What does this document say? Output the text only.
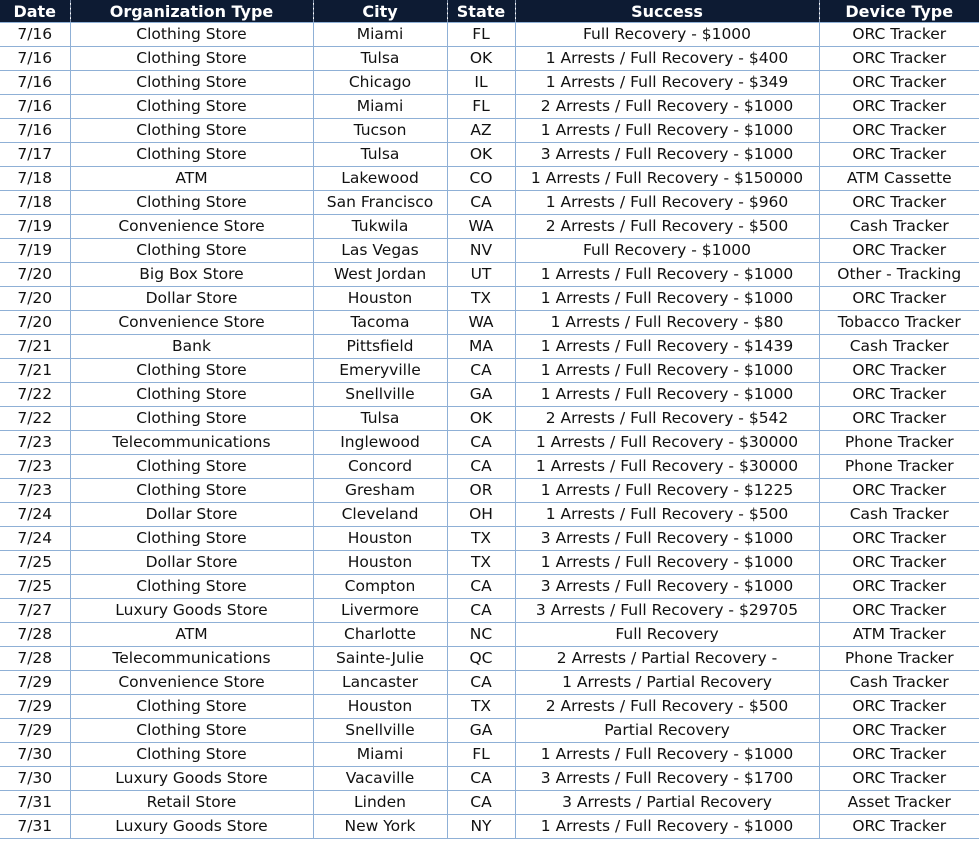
Date	Organization Type	City	State	Success	Device Type
7/16	Clothing Store	Miami	FL	Full Recovery - $1000	ORC Tracker
7/16	Clothing Store	Tulsa	OK	1 Arrests / Full Recovery - $400	ORC Tracker
7/16	Clothing Store	Chicago	IL	1 Arrests / Full Recovery - $349	ORC Tracker
7/16	Clothing Store	Miami	FL	2 Arrests / Full Recovery - $1000	ORC Tracker
7/16	Clothing Store	Tucson	AZ	1 Arrests / Full Recovery - $1000	ORC Tracker
7/17	Clothing Store	Tulsa	OK	3 Arrests / Full Recovery - $1000	ORC Tracker
7/18	ATM	Lakewood	CO	1 Arrests / Full Recovery - $150000	ATM Cassette
7/18	Clothing Store	San Francisco	CA	1 Arrests / Full Recovery - $960	ORC Tracker
7/19	Convenience Store	Tukwila	WA	2 Arrests / Full Recovery - $500	Cash Tracker
7/19	Clothing Store	Las Vegas	NV	Full Recovery - $1000	ORC Tracker
7/20	Big Box Store	West Jordan	UT	1 Arrests / Full Recovery - $1000	Other - Tracking
7/20	Dollar Store	Houston	TX	1 Arrests / Full Recovery - $1000	ORC Tracker
7/20	Convenience Store	Tacoma	WA	1 Arrests / Full Recovery - $80	Tobacco Tracker
7/21	Bank	Pittsfield	MA	1 Arrests / Full Recovery - $1439	Cash Tracker
7/21	Clothing Store	Emeryville	CA	1 Arrests / Full Recovery - $1000	ORC Tracker
7/22	Clothing Store	Snellville	GA	1 Arrests / Full Recovery - $1000	ORC Tracker
7/22	Clothing Store	Tulsa	OK	2 Arrests / Full Recovery - $542	ORC Tracker
7/23	Telecommunications	Inglewood	CA	1 Arrests / Full Recovery - $30000	Phone Tracker
7/23	Clothing Store	Concord	CA	1 Arrests / Full Recovery - $30000	Phone Tracker
7/23	Clothing Store	Gresham	OR	1 Arrests / Full Recovery - $1225	ORC Tracker
7/24	Dollar Store	Cleveland	OH	1 Arrests / Full Recovery - $500	Cash Tracker
7/24	Clothing Store	Houston	TX	3 Arrests / Full Recovery - $1000	ORC Tracker
7/25	Dollar Store	Houston	TX	1 Arrests / Full Recovery - $1000	ORC Tracker
7/25	Clothing Store	Compton	CA	3 Arrests / Full Recovery - $1000	ORC Tracker
7/27	Luxury Goods Store	Livermore	CA	3 Arrests / Full Recovery - $29705	ORC Tracker
7/28	ATM	Charlotte	NC	Full Recovery	ATM Tracker
7/28	Telecommunications	Sainte-Julie	QC	2 Arrests / Partial Recovery -	Phone Tracker
7/29	Convenience Store	Lancaster	CA	1 Arrests / Partial Recovery	Cash Tracker
7/29	Clothing Store	Houston	TX	2 Arrests / Full Recovery - $500	ORC Tracker
7/29	Clothing Store	Snellville	GA	Partial Recovery	ORC Tracker
7/30	Clothing Store	Miami	FL	1 Arrests / Full Recovery - $1000	ORC Tracker
7/30	Luxury Goods Store	Vacaville	CA	3 Arrests / Full Recovery - $1700	ORC Tracker
7/31	Retail Store	Linden	CA	3 Arrests / Partial Recovery	Asset Tracker
7/31	Luxury Goods Store	New York	NY	1 Arrests / Full Recovery - $1000	ORC Tracker
